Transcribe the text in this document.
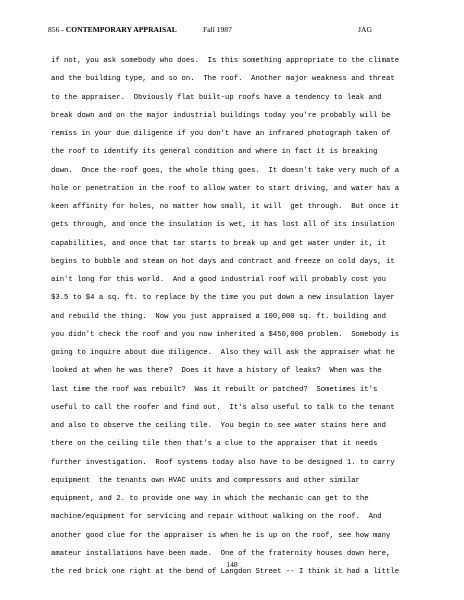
856 - CONTEMPORARY APPRAISAL	Fall 1987	JAG
if not, you ask somebody who does.  Is this something appropriate to the climate
and the building type, and so on.  The roof.  Another major weakness and threat
to the appraiser.  Obviously flat built-up roofs have a tendency to leak and
break down and on the major industrial buildings today you're probably will be
remiss in your due diligence if you don't have an infrared photograph taken of
the roof to identify its general condition and where in fact it is breaking
down.  Once the roof goes, the whole thing goes.  It doesn't take very much of a
hole or penetration in the roof to allow water to start driving, and water has a
keen affinity for holes, no matter how small, it will  get through.  But once it
gets through, and once the insulation is wet, it has lost all of its insulation
capabilities, and once that tar starts to break up and get water under it, it
begins to bubble and steam on hot days and contract and freeze on cold days, it
ain't long for this world.  And a good industrial roof will probably cost you
$3.5 to $4 a sq. ft. to replace by the time you put down a new insulation layer
and rebuild the thing.  Now you just appraised a 100,000 sq. ft. building and
you didn't check the roof and you now inherited a $450,000 problem.  Somebody is
going to inquire about due diligence.  Also they will ask the appraiser what he
looked at when he was there?  Does it have a history of leaks?  When was the
last time the roof was rebuilt?  Was it rebuilt or patched?  Sometimes it's
useful to call the roofer and find out.  It's also useful to talk to the tenant
and also to observe the ceiling tile.  You begin to see water stains here and
there on the ceiling tile then that's a clue to the appraiser that it needs
further investigation.  Roof systems today also have to be designed 1. to carry
equipment  the tenants own HVAC units and compressors and other similar
equipment, and 2. to provide one way in which the mechanic can get to the
machine/equipment for servicing and repair without walking on the roof.  And
another good clue for the appraiser is when he is up on the roof, see how many
amateur installations have been made.  One of the fraternity houses down here,
the red brick one right at the bend of Langdon Street -- I think it had a little
148
